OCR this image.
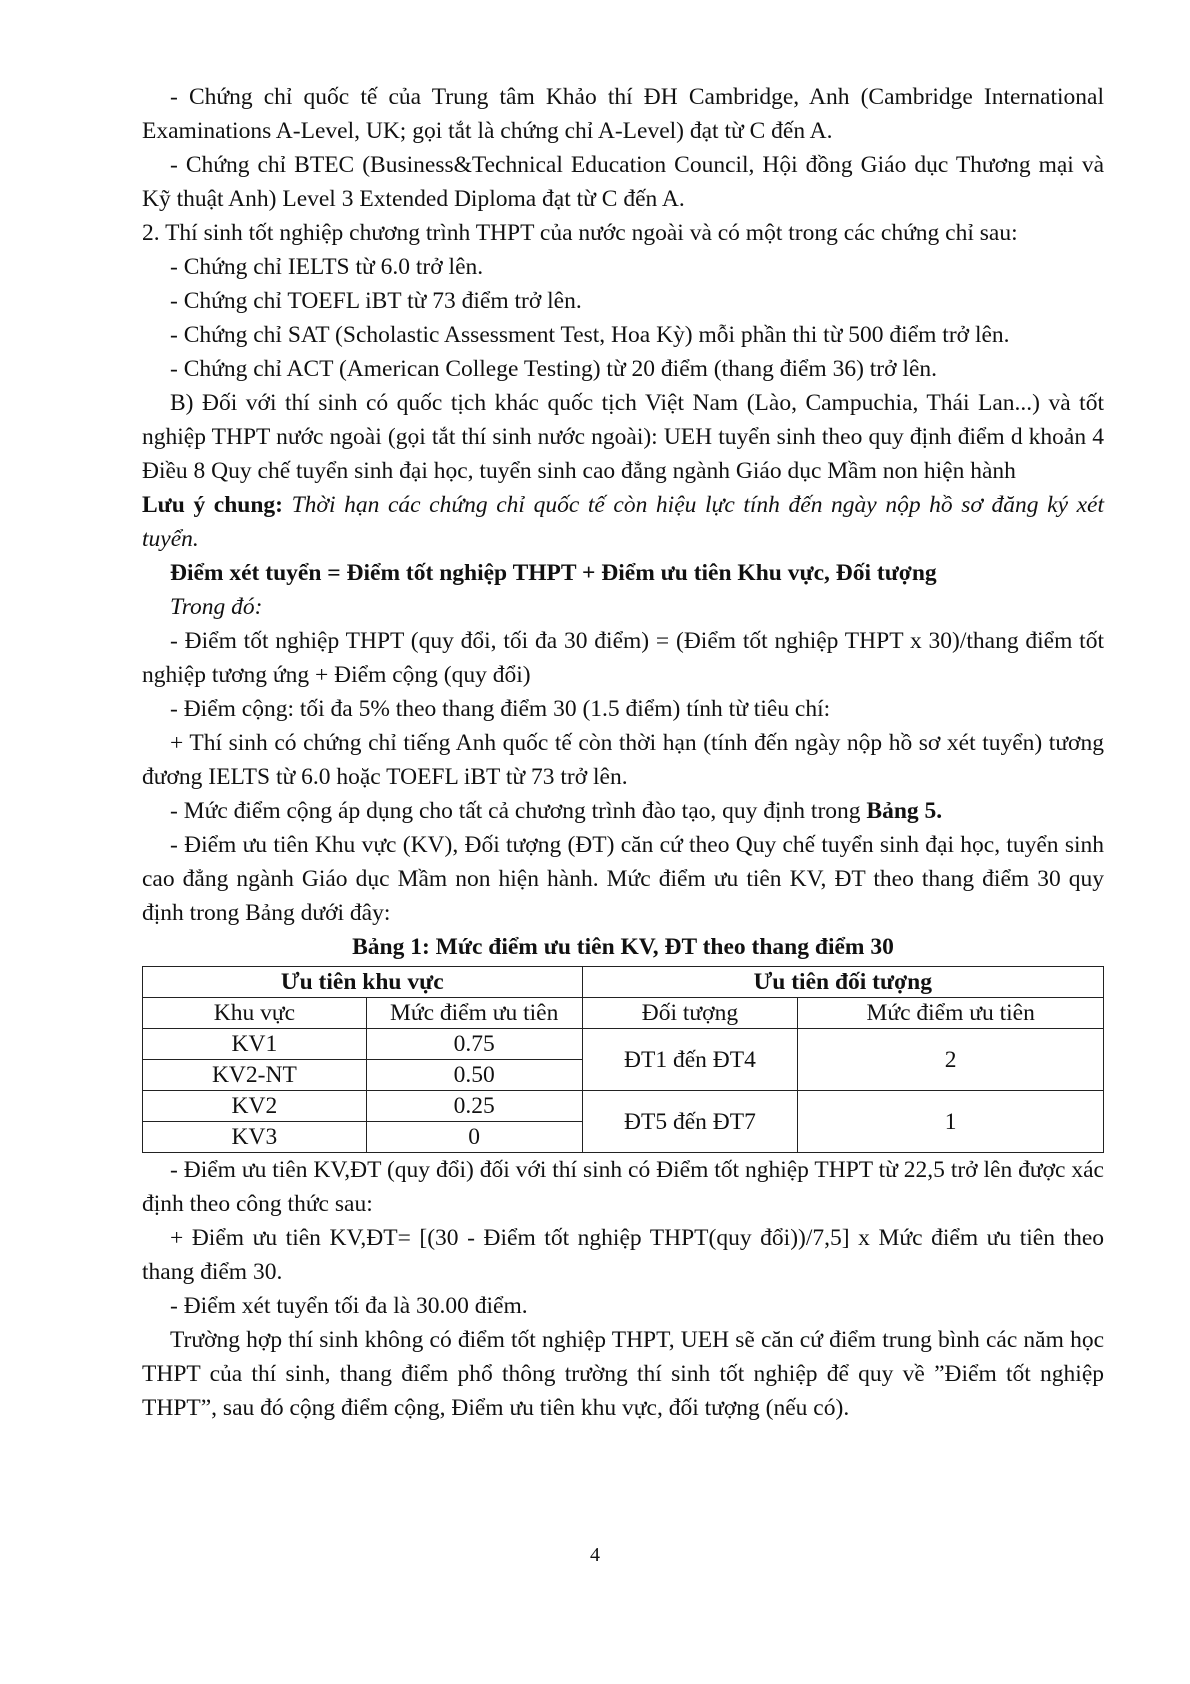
- Chứng chỉ quốc tế của Trung tâm Khảo thí ĐH Cambridge, Anh (Cambridge International Examinations A-Level, UK; gọi tắt là chứng chỉ A-Level) đạt từ C đến A.

- Chứng chỉ BTEC (Business&Technical Education Council, Hội đồng Giáo dục Thương mại và Kỹ thuật Anh) Level 3 Extended Diploma đạt từ C đến A.

2. Thí sinh tốt nghiệp chương trình THPT của nước ngoài và có một trong các chứng chỉ sau:

- Chứng chỉ IELTS từ 6.0 trở lên.

- Chứng chỉ TOEFL iBT từ 73 điểm trở lên.

- Chứng chỉ SAT (Scholastic Assessment Test, Hoa Kỳ) mỗi phần thi từ 500 điểm trở lên.

- Chứng chỉ ACT (American College Testing) từ 20 điểm (thang điểm 36) trở lên.

B) Đối với thí sinh có quốc tịch khác quốc tịch Việt Nam (Lào, Campuchia, Thái Lan...) và tốt nghiệp THPT nước ngoài (gọi tắt thí sinh nước ngoài): UEH tuyển sinh theo quy định điểm d khoản 4 Điều 8 Quy chế tuyển sinh đại học, tuyển sinh cao đẳng ngành Giáo dục Mầm non hiện hành

Lưu ý chung: Thời hạn các chứng chỉ quốc tế còn hiệu lực tính đến ngày nộp hồ sơ đăng ký xét tuyển.

Điểm xét tuyển = Điểm tốt nghiệp THPT + Điểm ưu tiên Khu vực, Đối tượng

Trong đó:

- Điểm tốt nghiệp THPT (quy đổi, tối đa 30 điểm) = (Điểm tốt nghiệp THPT x 30)/thang điểm tốt nghiệp tương ứng + Điểm cộng (quy đổi)

- Điểm cộng: tối đa 5% theo thang điểm 30 (1.5 điểm) tính từ tiêu chí:

+ Thí sinh có chứng chỉ tiếng Anh quốc tế còn thời hạn (tính đến ngày nộp hồ sơ xét tuyển) tương đương IELTS từ 6.0 hoặc TOEFL iBT từ 73 trở lên.

- Mức điểm cộng áp dụng cho tất cả chương trình đào tạo, quy định trong Bảng 5.

- Điểm ưu tiên Khu vực (KV), Đối tượng (ĐT) căn cứ theo Quy chế tuyển sinh đại học, tuyển sinh cao đẳng ngành Giáo dục Mầm non hiện hành. Mức điểm ưu tiên KV, ĐT theo thang điểm 30 quy định trong Bảng dưới đây:

Bảng 1: Mức điểm ưu tiên KV, ĐT theo thang điểm 30
Ưu tiên khu vực		Ưu tiên đối tượng	
Khu vực	Mức điểm ưu tiên	Đối tượng	Mức điểm ưu tiên
KV1	0.75	ĐT1 đến ĐT4	2
KV2-NT	0.50		
KV2	0.25	ĐT5 đến ĐT7	1
KV3	0		

- Điểm ưu tiên KV,ĐT (quy đổi) đối với thí sinh có Điểm tốt nghiệp THPT từ 22,5 trở lên được xác định theo công thức sau:

+ Điểm ưu tiên KV,ĐT= [(30 - Điểm tốt nghiệp THPT(quy đổi))/7,5] x Mức điểm ưu tiên theo thang điểm 30.

- Điểm xét tuyển tối đa là 30.00 điểm.

Trường hợp thí sinh không có điểm tốt nghiệp THPT, UEH sẽ căn cứ điểm trung bình các năm học THPT của thí sinh, thang điểm phổ thông trường thí sinh tốt nghiệp để quy về ”Điểm tốt nghiệp THPT”, sau đó cộng điểm cộng, Điểm ưu tiên khu vực, đối tượng (nếu có).

4
